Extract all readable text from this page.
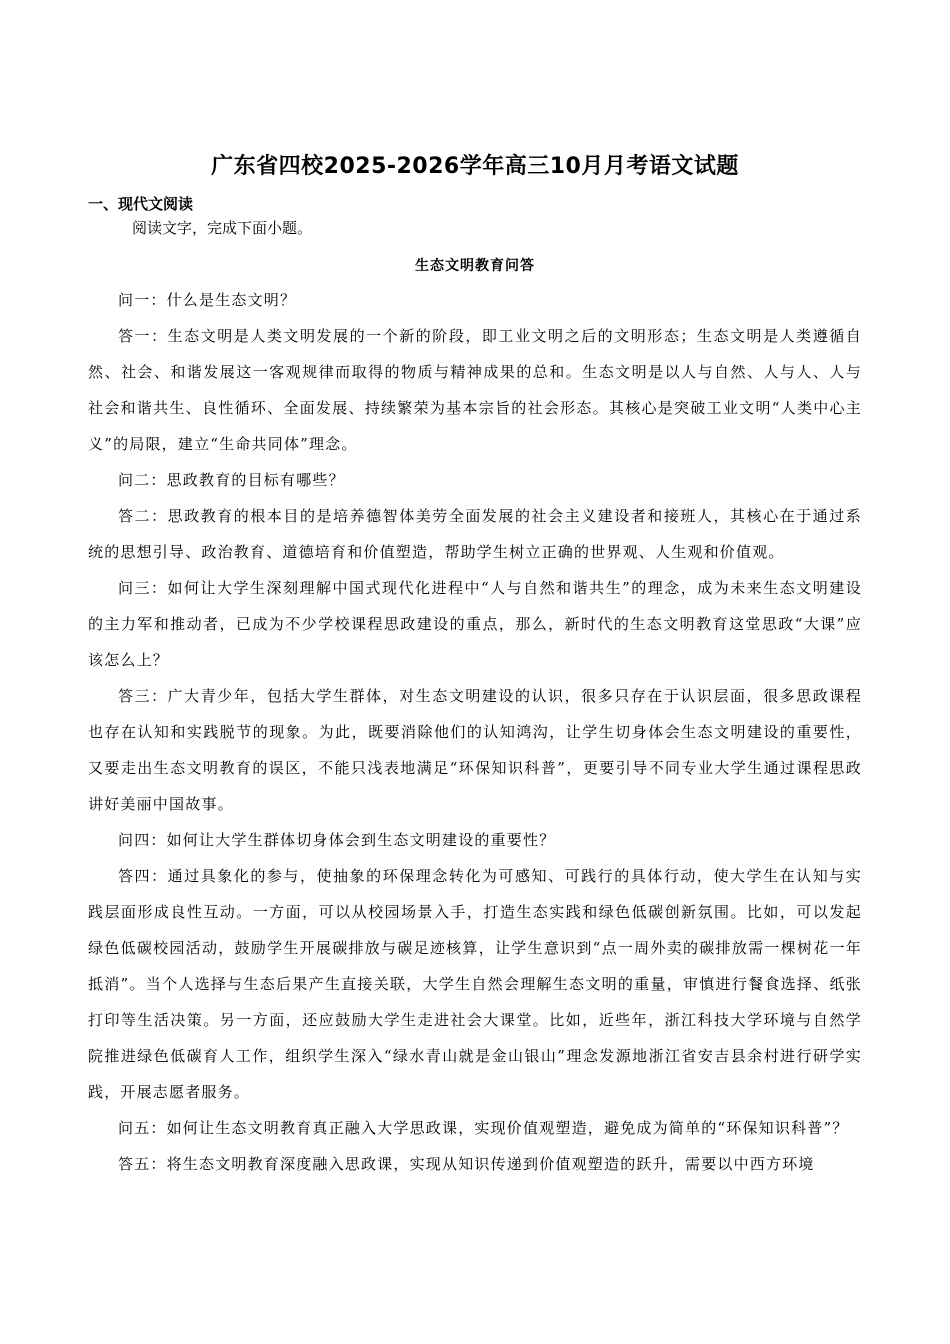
广东省四校2025-2026学年高三10月月考语文试题
一、现代文阅读
阅读文字，完成下面小题。
生态文明教育问答

问一：什么是生态文明？

答一：生态文明是人类文明发展的一个新的阶段，即工业文明之后的文明形态；生态文明是人类遵循自然、社会、和谐发展这一客观规律而取得的物质与精神成果的总和。生态文明是以人与自然、人与人、人与社会和谐共生、良性循环、全面发展、持续繁荣为基本宗旨的社会形态。其核心是突破工业文明“人类中心主义”的局限，建立“生命共同体”理念。

问二：思政教育的目标有哪些？

答二：思政教育的根本目的是培养德智体美劳全面发展的社会主义建设者和接班人，其核心在于通过系统的思想引导、政治教育、道德培育和价值塑造，帮助学生树立正确的世界观、人生观和价值观。

问三：如何让大学生深刻理解中国式现代化进程中“人与自然和谐共生”的理念，成为未来生态文明建设的主力军和推动者，已成为不少学校课程思政建设的重点，那么，新时代的生态文明教育这堂思政“大课”应该怎么上？

答三：广大青少年，包括大学生群体，对生态文明建设的认识，很多只存在于认识层面，很多思政课程也存在认知和实践脱节的现象。为此，既要消除他们的认知鸿沟，让学生切身体会生态文明建设的重要性，又要走出生态文明教育的误区，不能只浅表地满足“环保知识科普”，更要引导不同专业大学生通过课程思政讲好美丽中国故事。

问四：如何让大学生群体切身体会到生态文明建设的重要性？

答四：通过具象化的参与，使抽象的环保理念转化为可感知、可践行的具体行动，使大学生在认知与实践层面形成良性互动。一方面，可以从校园场景入手，打造生态实践和绿色低碳创新氛围。比如，可以发起绿色低碳校园活动，鼓励学生开展碳排放与碳足迹核算，让学生意识到“点一周外卖的碳排放需一棵树花一年抵消”。当个人选择与生态后果产生直接关联，大学生自然会理解生态文明的重量，审慎进行餐食选择、纸张打印等生活决策。另一方面，还应鼓励大学生走进社会大课堂。比如，近些年，浙江科技大学环境与自然学院推进绿色低碳育人工作，组织学生深入“绿水青山就是金山银山”理念发源地浙江省安吉县余村进行研学实践，开展志愿者服务。

问五：如何让生态文明教育真正融入大学思政课，实现价值观塑造，避免成为简单的“环保知识科普”？

答五：将生态文明教育深度融入思政课，实现从知识传递到价值观塑造的跃升，需要以中西方环境
